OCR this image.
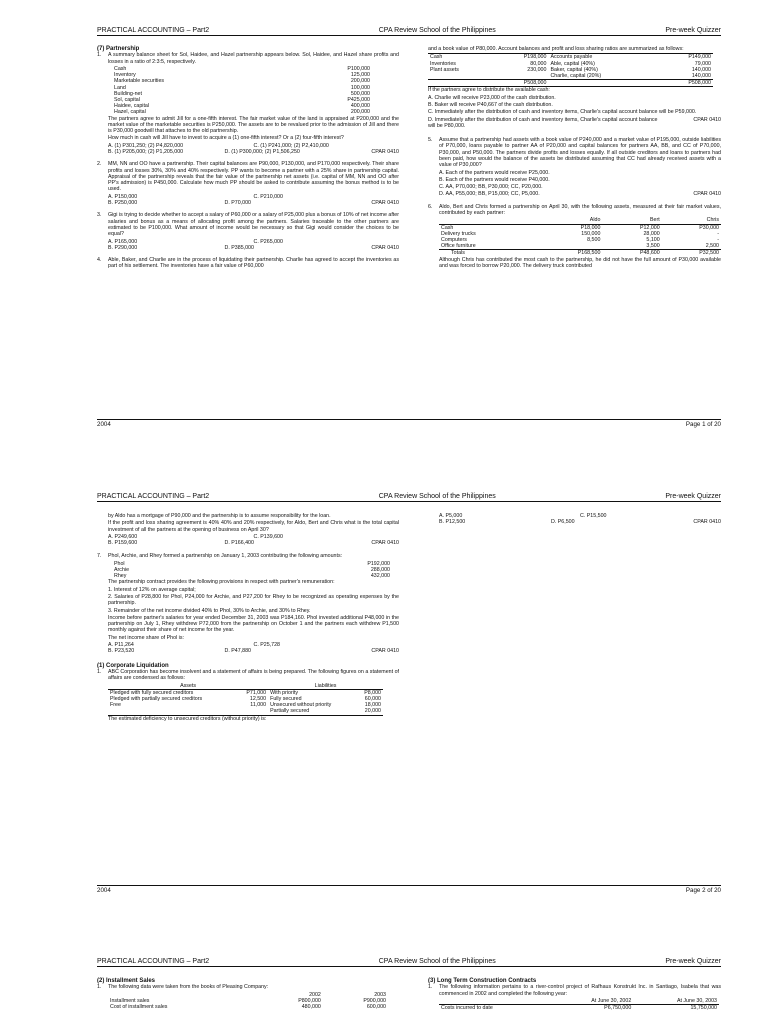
PRACTICAL ACCOUNTING – Part2	CPA Review School of the Philippines	Pre-week Quizzer
(7) Partnership
1.	A summary balance sheet for Sol, Haidee, and Hazel partnership appears below. Sol, Haidee, and Hazel share profits and losses in a ratio of 2:3:5, respectively.

Cash	P100,000
Inventory	125,000
Marketable securities	200,000
Land	100,000
Building-net	500,000
Sol, capital	P425,000
Haidee, capital	400,000
Hazel, capital	200,000

The partners agree to admit Jill for a one-fifth interest. The fair market value of the land is appraised at P200,000 and the market value of the marketable securities is P250,000. The assets are to be revalued prior to the admission of Jill and there is P30,000 goodwill that attaches to the old partnership.

How much in cash will Jill have to invest to acquire a (1) one-fifth interest? Or a (2) four-fifth interest?

A. (1) P301,250; (2) P4,820,000	C. (1) P241,000; (2) P2,410,000
B. (1) P205,000; (2) P1,205,000	D. (1) P300,000; (2) P1,506,250	CPAR 0410
2.	MM, NN and OO have a partnership. Their capital balances are P90,000, P130,000, and P170,000 respectively. Their share profits and losses 30%, 30% and 40% respectively. PP wants to become a partner with a 25% share in partnership capital. Appraisal of the partnership reveals that the fair value of the partnership net assets (i.e. capital of MM, NN and OO after PP's admission) is P450,000. Calculate how much PP should be asked to contribute assuming the bonus method is to be used.

A. P150,000	C. P210,000
B. P250,000	D. P70,000	CPAR 0410
3.	Gigi is trying to decide whether to accept a salary of P60,000 or a salary of P25,000 plus a bonus of 10% of net income after salaries and bonus as a means of allocating profit among the partners. Salaries traceable to the other partners are estimated to be P100,000. What amount of income would be necessary so that Gigi would consider the choices to be equal?

A. P165,000	C. P265,000
B. P290,000	D. P385,000	CPAR 0410
4.	Able, Baker, and Charlie are in the process of liquidating their partnership. Charlie has agreed to accept the inventories as part of his settlement. The inventories have a fair value of P60,000

and a book value of P80,000. Account balances and profit and loss sharing ratios are summarized as follows:

Cash	P198,000	Accounts payable	P149,000
Inventories	80,000	Able, capital (40%)	79,000
Plant assets	230,000	Baker, capital (40%)	140,000
		Charlie, capital (20%)	140,000
	P508,000		P508,000

If the partners agree to distribute the available cash:

A. Charlie will receive P23,000 of the cash distribution.

B. Baker will receive P40,667 of the cash distribution.

C. Immediately after the distribution of cash and inventory items, Charlie's capital account balance will be P59,000.

D. Immediately after the distribution of cash and inventory items, Charlie's capital account balance will be P80,000.
CPAR 0410
5.	Assume that a partnership had assets with a book value of P240,000 and a market value of P195,000, outside liabilities of P70,000, loans payable to partner AA of P20,000 and capital balances for partners AA, BB, and CC of P70,000, P30,000, and P50,000. The partners divide profits and losses equally. If all outside creditors and loans to partners had been paid, how would the balance of the assets be distributed assuming that CC had already received assets with a value of P30,000?

A. Each of the partners would receive P25,000.

B. Each of the partners would receive P40,000.

C. AA, P70,000; BB, P30,000; CC, P20,000.

D. AA, P55,000; BB, P15,000; CC, P5,000.	CPAR 0410
6.	Aldo, Bert and Chris formed a partnership on April 30, with the following assets, measured at their fair market values, contributed by each partner:

	Aldo	Bert	Chris
Cash	P18,000	P12,000	P30,000
Delivery trucks	150,000	28,000	-
Computers	8,500	5,100	-
Office furniture		3,500	2,500
Totals	P168,500	P48,600	P32,500

Although Chris has contributed the most cash to the partnership, he did not have the full amount of P30,000 available and was forced to borrow P20,000. The delivery truck contributed

2004	Page 1 of 20
PRACTICAL ACCOUNTING – Part2	CPA Review School of the Philippines	Pre-week Quizzer

by Aldo has a mortgage of P90,000 and the partnership is to assume responsibility for the loan.

If the profit and loss sharing agreement is 40% 40% and 20% respectively, for Aldo, Bert and Chris what is the total capital investment of all the partners at the opening of business on April 30?

A. P249,600	C. P139,600
B. P159,600	D. P166,400	CPAR 0410
7.	Phol, Archie, and Rhey formed a partnership on January 1, 2003 contributing the following amounts:

Phol	P192,000
Archie	288,000
Rhey	432,000

The partnership contract provides the following provisions in respect with partner's remuneration:

1. Interest of 12% on average capital;

2. Salaries of P28,800 for Phol, P24,000 for Archie, and P27,200 for Rhey to be recognized as operating expenses by the partnership.

3. Remainder of the net income divided 40% to Phol, 30% to Archie, and 30% to Rhey.

Income before partner's salaries for year ended December 31, 2003 was P184,160. Phol invested additional P48,000 in the partnership on July 1, Rhey withdrew P72,000 from the partnership on October 1 and the partners each withdrew P1,500 monthly against their share of net income for the year.

The net income share of Phol is:

A. P11,264	C. P25,728
B. P23,520	D. P47,880	CPAR 0410
(1) Corporate Liquidation
1.	ABC Corporation has become insolvent and a statement of affairs is being prepared. The following figures on a statement of affairs are condensed as follows:

Assets		Liabilities	
Pledged with fully secured creditors	P71,000	With priority	P8,000
Pledged with partially secured creditors	12,500	Fully secured	60,000
Free	11,000	Unsecured without priority	18,000
		Partially secured	20,000

The estimated deficiency to unsecured creditors (without priority) is:

A. P5,000	C. P15,500
B. P12,500	D. P6,500	CPAR 0410
2004	Page 2 of 20
PRACTICAL ACCOUNTING – Part2	CPA Review School of the Philippines	Pre-week Quizzer
(2) Installment Sales
1.	The following data were taken from the books of Pleasing Company:

	2002	2003
Installment sales	P800,000	P900,000
Cost of installment sales	480,000	600,000
(3) Long Term Construction Contracts
1.	The following information pertains to a river-control project of Rafhaus Konstrukt Inc. in Santiago, Isabela that was commenced in 2002 and completed the following year:

	At June 30, 2002	At June 30, 2003
Costs incurred to date	P6,750,000	15,750,000
